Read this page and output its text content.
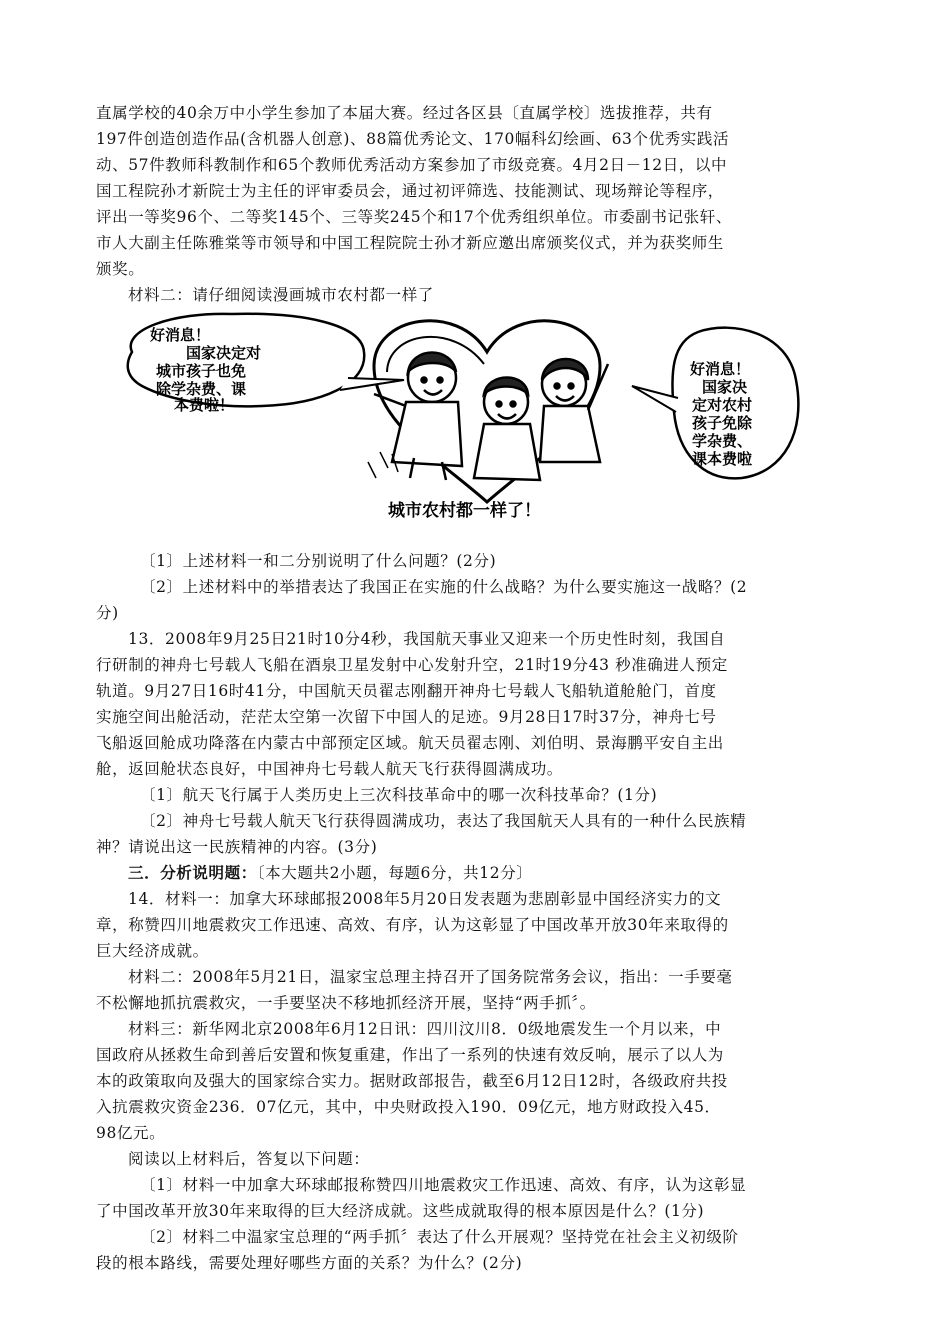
直属学校的40余万中小学生参加了本届大赛。经过各区县〔直属学校〕选拔推荐，共有

197件创造创造作品(含机器人创意)、88篇优秀论文、170幅科幻绘画、63个优秀实践活

动、57件教师科教制作和65个教师优秀活动方案参加了市级竞赛。4月2日－12日，以中

国工程院孙才新院士为主任的评审委员会，通过初评筛选、技能测试、现场辩论等程序，

评出一等奖96个、二等奖145个、三等奖245个和17个优秀组织单位。市委副书记张轩、

市人大副主任陈雅棠等市领导和中国工程院院士孙才新应邀出席颁奖仪式，并为获奖师生

颁奖。

材料二：请仔细阅读漫画城市农村都一样了

好消息！
国家决定对
城市孩子也免
除学杂费、课
本费啦！
好消息！
国家决
定对农村
孩子免除
学杂费、
课本费啦
城市农村都一样了！

〔1〕上述材料一和二分别说明了什么问题？(2分)

〔2〕上述材料中的举措表达了我国正在实施的什么战略？为什么要实施这一战略？(2

分)

13．2008年9月25日21时10分4秒，我国航天事业又迎来一个历史性时刻，我国自

行研制的神舟七号载人飞船在酒泉卫星发射中心发射升空，21时19分43 秒准确进人预定

轨道。9月27日16时41分，中国航天员翟志刚翻开神舟七号载人飞船轨道舱舱门，首度

实施空间出舱活动，茫茫太空第一次留下中国人的足迹。9月28日17时37分，神舟七号

飞船返回舱成功降落在内蒙古中部预定区域。航天员翟志刚、刘伯明、景海鹏平安自主出

舱，返回舱状态良好，中国神舟七号载人航天飞行获得圆满成功。

〔1〕航天飞行属于人类历史上三次科技革命中的哪一次科技革命？(1分)

〔2〕神舟七号载人航天飞行获得圆满成功，表达了我国航天人具有的一种什么民族精

神？请说出这一民族精神的内容。(3分)

三．分析说明题：〔本大题共2小题，每题6分，共12分〕

14．材料一：加拿大环球邮报2008年5月20日发表题为悲剧彰显中国经济实力的文

章，称赞四川地震救灾工作迅速、高效、有序，认为这彰显了中国改革开放30年来取得的

巨大经济成就。

材料二：2008年5月21日，温家宝总理主持召开了国务院常务会议，指出：一手要毫

不松懈地抓抗震救灾，一手要坚决不移地抓经济开展，坚持“两手抓〞。

材料三：新华网北京2008年6月12日讯：四川汶川8．0级地震发生一个月以来，中

国政府从拯救生命到善后安置和恢复重建，作出了一系列的快速有效反响，展示了以人为

本的政策取向及强大的国家综合实力。据财政部报告，截至6月12日12时，各级政府共投

入抗震救灾资金236．07亿元，其中，中央财政投入190．09亿元，地方财政投入45．

98亿元。

阅读以上材料后，答复以下问题：

〔1〕材料一中加拿大环球邮报称赞四川地震救灾工作迅速、高效、有序，认为这彰显

了中国改革开放30年来取得的巨大经济成就。这些成就取得的根本原因是什么？(1分)

〔2〕材料二中温家宝总理的“两手抓〞表达了什么开展观？坚持党在社会主义初级阶

段的根本路线，需要处理好哪些方面的关系？为什么？(2分)
